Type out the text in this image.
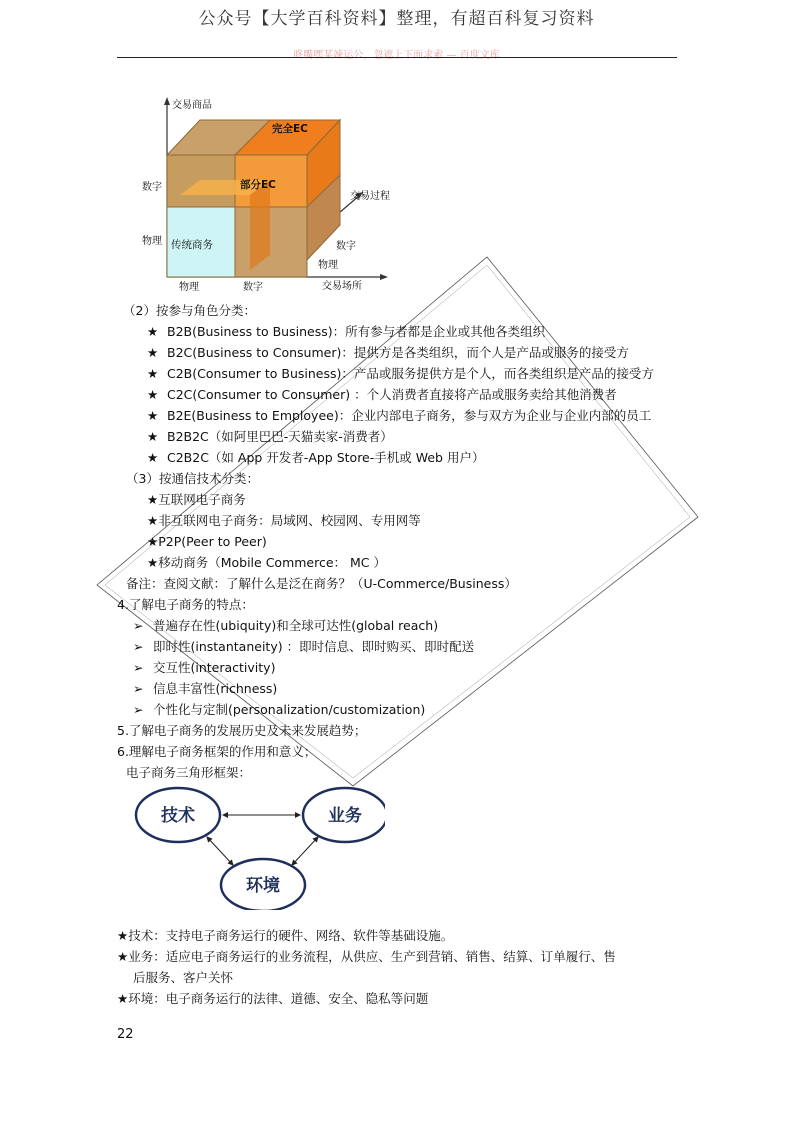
公众号【大学百科资料】整理，有超百科复习资料
咚嘴嘿某竦运公，忽遮上下面求索 — 百度文库
交易商品
交易过程
交易场所
数字
物理
物理	数字
数字
物理
完全EC
部分EC
传统商务
（2）按参与角色分类：
★ B2B(Business to Business)：所有参与者都是企业或其他各类组织
★ B2C(Business to Consumer)：提供方是各类组织，而个人是产品或服务的接受方
★ C2B(Consumer to Business)：产品或服务提供方是个人，而各类组织是产品的接受方
★ C2C(Consumer to Consumer) ：个人消费者直接将产品或服务卖给其他消费者
★ B2E(Business to Employee)：企业内部电子商务，参与双方为企业与企业内部的员工
★ B2B2C（如阿里巴巴-天猫卖家-消费者）
★ C2B2C（如 App 开发者-App Store-手机或 Web 用户）
（3）按通信技术分类：
★互联网电子商务
★非互联网电子商务：局域网、校园网、专用网等
★P2P(Peer to Peer)
★移动商务（Mobile Commerce： MC ）
备注：查阅文献：了解什么是泛在商务？（U-Commerce/Business）
4.了解电子商务的特点：
➢ 普遍存在性(ubiquity)和全球可达性(global reach)
➢ 即时性(instantaneity) ：即时信息、即时购买、即时配送
➢ 交互性(interactivity)
➢ 信息丰富性(richness)
➢ 个性化与定制(personalization/customization)
5.了解电子商务的发展历史及未来发展趋势；
6.理解电子商务框架的作用和意义；
电子商务三角形框架：
技术	业务
环境
★技术：支持电子商务运行的硬件、网络、软件等基础设施。
★业务：适应电子商务运行的业务流程，从供应、生产到营销、销售、结算、订单履行、售
后服务、客户关怀
★环境：电子商务运行的法律、道德、安全、隐私等问题
22
